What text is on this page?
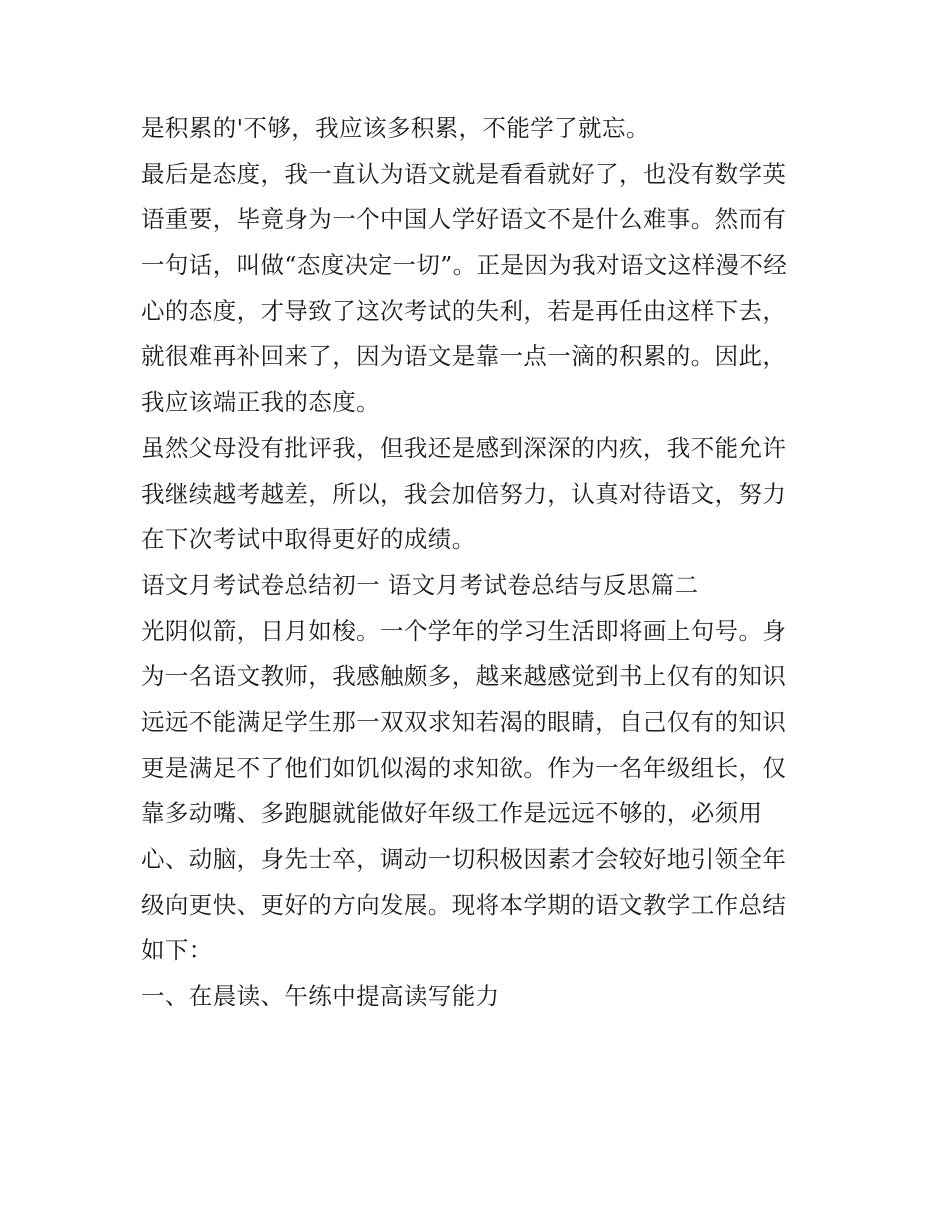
是积累的'不够，我应该多积累，不能学了就忘。
最后是态度，我一直认为语文就是看看就好了，也没有数学英
语重要，毕竟身为一个中国人学好语文不是什么难事。然而有
一句话，叫做“态度决定一切”。正是因为我对语文这样漫不经
心的态度，才导致了这次考试的失利，若是再任由这样下去，
就很难再补回来了，因为语文是靠一点一滴的积累的。因此，
我应该端正我的态度。
虽然父母没有批评我，但我还是感到深深的内疚，我不能允许
我继续越考越差，所以，我会加倍努力，认真对待语文，努力
在下次考试中取得更好的成绩。
语文月考试卷总结初一 语文月考试卷总结与反思篇二
光阴似箭，日月如梭。一个学年的学习生活即将画上句号。身
为一名语文教师，我感触颇多，越来越感觉到书上仅有的知识
远远不能满足学生那一双双求知若渴的眼睛，自己仅有的知识
更是满足不了他们如饥似渴的求知欲。作为一名年级组长，仅
靠多动嘴、多跑腿就能做好年级工作是远远不够的，必须用
心、动脑，身先士卒，调动一切积极因素才会较好地引领全年
级向更快、更好的方向发展。现将本学期的语文教学工作总结
如下：
一、在晨读、午练中提高读写能力
